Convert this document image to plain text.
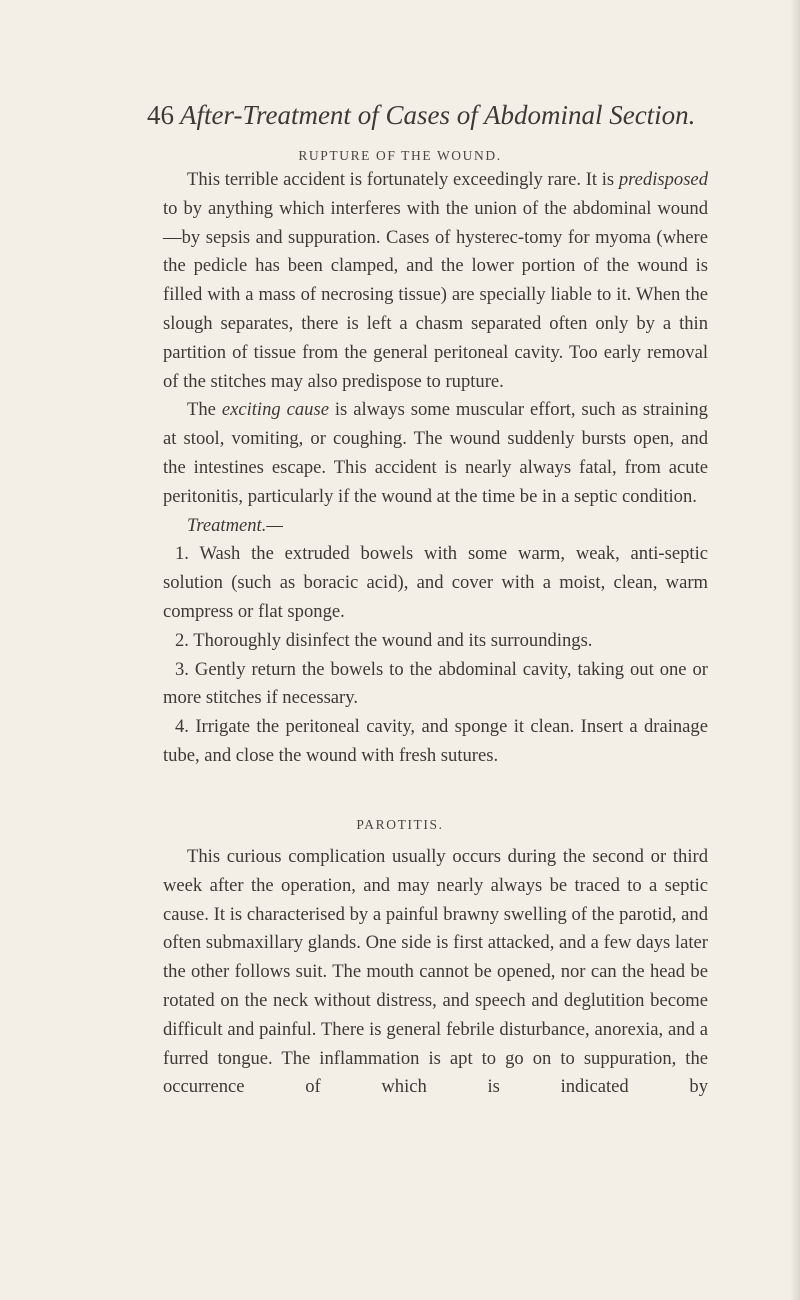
46 After-Treatment of Cases of Abdominal Section.
RUPTURE OF THE WOUND.

This terrible accident is fortunately exceedingly rare. It is predisposed to by anything which interferes with the union of the abdominal wound—by sepsis and suppuration. Cases of hysterec-tomy for myoma (where the pedicle has been clamped, and the lower portion of the wound is filled with a mass of necrosing tissue) are specially liable to it. When the slough separates, there is left a chasm separated often only by a thin partition of tissue from the general peritoneal cavity. Too early removal of the stitches may also predispose to rupture.

The exciting cause is always some muscular effort, such as straining at stool, vomiting, or coughing. The wound suddenly bursts open, and the intestines escape. This accident is nearly always fatal, from acute peritonitis, particularly if the wound at the time be in a septic condition.

Treatment.—

1. Wash the extruded bowels with some warm, weak, anti-septic solution (such as boracic acid), and cover with a moist, clean, warm compress or flat sponge.

2. Thoroughly disinfect the wound and its surroundings.

3. Gently return the bowels to the abdominal cavity, taking out one or more stitches if necessary.

4. Irrigate the peritoneal cavity, and sponge it clean. Insert a drainage tube, and close the wound with fresh sutures.

PAROTITIS.

This curious complication usually occurs during the second or third week after the operation, and may nearly always be traced to a septic cause. It is characterised by a painful brawny swelling of the parotid, and often submaxillary glands. One side is first attacked, and a few days later the other follows suit. The mouth cannot be opened, nor can the head be rotated on the neck without distress, and speech and deglutition become difficult and painful. There is general febrile disturbance, anorexia, and a furred tongue. The inflammation is apt to go on to suppuration, the occurrence of which is indicated by
